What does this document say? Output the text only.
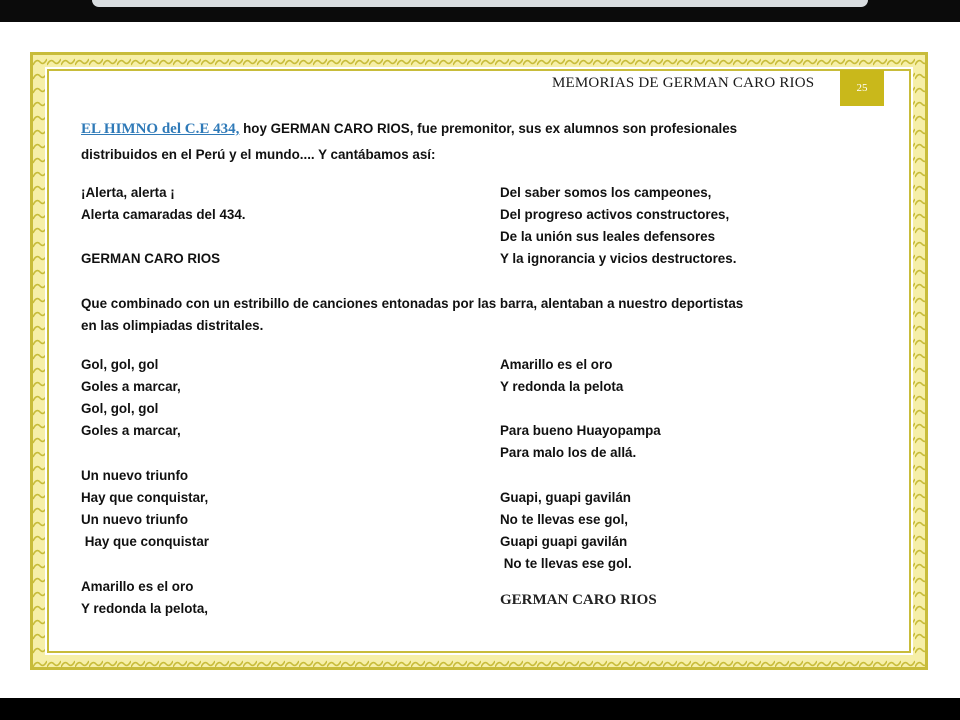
MEMORIAS DE GERMAN CARO RIOS	25
EL HIMNO del C.E 434, hoy GERMAN CARO RIOS, fue premonitor, sus ex alumnos son profesionales
distribuidos en el Perú y el mundo.... Y cantábamos así:
¡Alerta, alerta ¡
Alerta camaradas del 434.
GERMAN CARO RIOS
Del saber somos los campeones,
Del progreso activos constructores,
De la unión sus leales defensores
Y la ignorancia y vicios destructores.
Que combinado con un estribillo de canciones entonadas por las barra, alentaban a nuestro deportistas
en las olimpiadas distritales.
Gol, gol, gol
Goles a marcar,
Gol, gol, gol
Goles a marcar,
Un nuevo triunfo
Hay que conquistar,
Un nuevo triunfo
Hay que conquistar
Amarillo es el oro
Y redonda la pelota,
Amarillo es el oro
Y redonda la pelota
Para bueno Huayopampa
Para malo los de allá.
Guapi, guapi gavilán
No te llevas ese gol,
Guapi guapi gavilán
No te llevas ese gol.
GERMAN CARO RIOS
